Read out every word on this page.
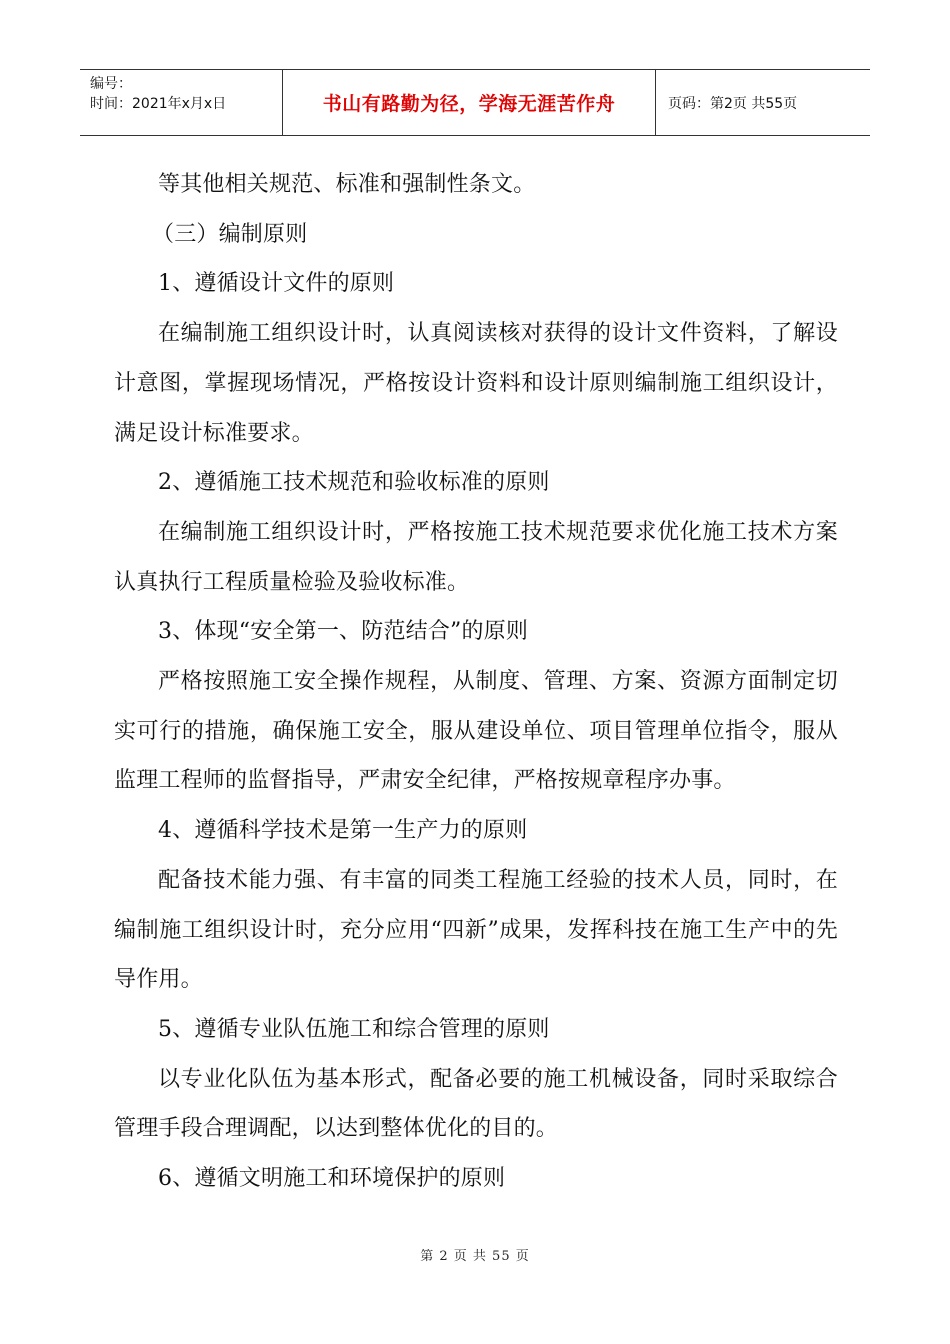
编号：
时间：2021年x月x日	书山有路勤为径，学海无涯苦作舟	页码：第2页 共55页

等其他相关规范、标准和强制性条文。

（三）编制原则

1、遵循设计文件的原则

在编制施工组织设计时，认真阅读核对获得的设计文件资料，了解设计意图，掌握现场情况，严格按设计资料和设计原则编制施工组织设计，满足设计标准要求。

2、遵循施工技术规范和验收标准的原则

在编制施工组织设计时，严格按施工技术规范要求优化施工技术方案认真执行工程质量检验及验收标准。

3、体现“安全第一、防范结合”的原则

严格按照施工安全操作规程，从制度、管理、方案、资源方面制定切实可行的措施，确保施工安全，服从建设单位、项目管理单位指令，服从监理工程师的监督指导，严肃安全纪律，严格按规章程序办事。

4、遵循科学技术是第一生产力的原则

配备技术能力强、有丰富的同类工程施工经验的技术人员，同时，在编制施工组织设计时，充分应用“四新”成果，发挥科技在施工生产中的先导作用。

5、遵循专业队伍施工和综合管理的原则

以专业化队伍为基本形式，配备必要的施工机械设备，同时采取综合管理手段合理调配，以达到整体优化的目的。

6、遵循文明施工和环境保护的原则

第 2 页 共 55 页
